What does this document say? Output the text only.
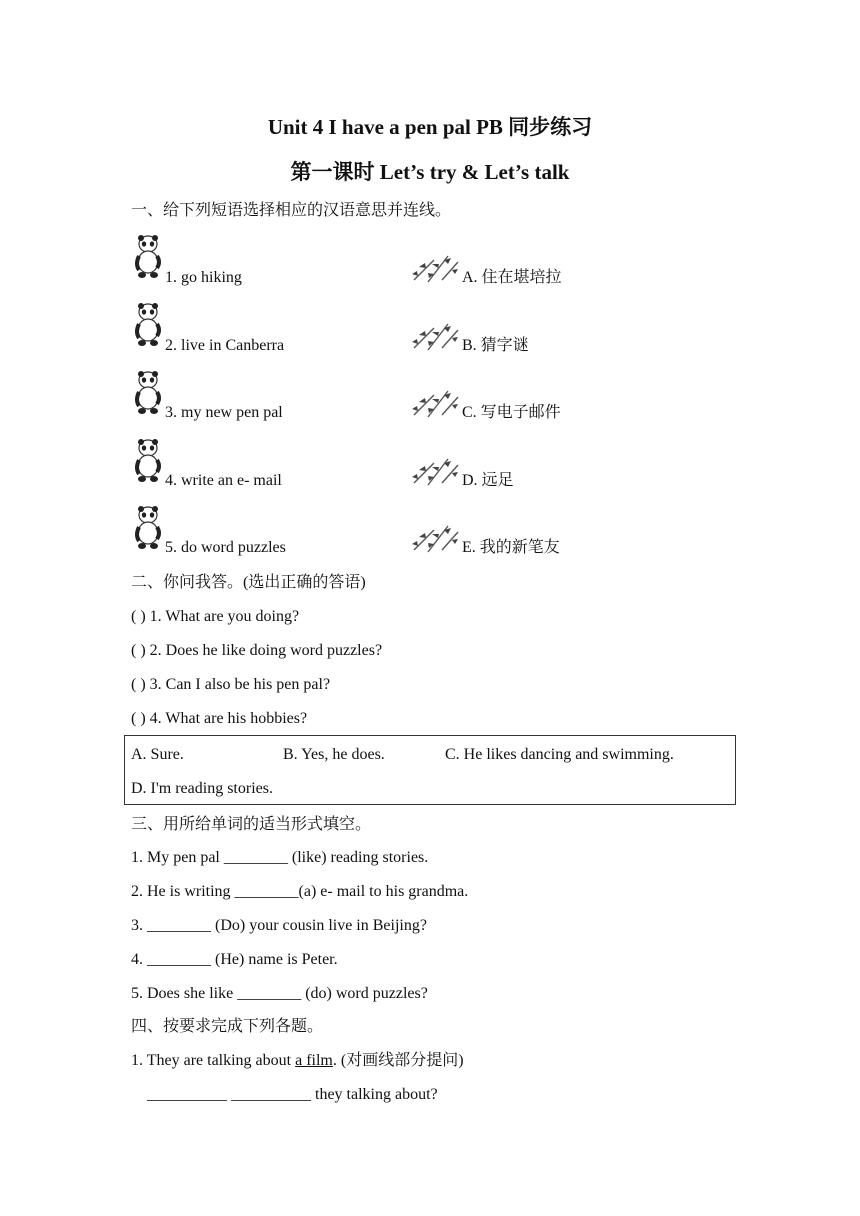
Unit 4 I have a pen pal PB 同步练习
第一课时 Let’s try & Let’s talk
一、给下列短语选择相应的汉语意思并连线。
1. go hiking	A. 住在堪培拉
2. live in Canberra	B. 猜字谜
3. my new pen pal	C. 写电子邮件
4. write an e- mail	D. 远足
5. do word puzzles	E. 我的新笔友
二、你问我答。(选出正确的答语)
( ) 1. What are you doing?
( ) 2. Does he like doing word puzzles?
( ) 3. Can I also be his pen pal?
( ) 4. What are his hobbies?
A. Sure.	B. Yes, he does.	C. He likes dancing and swimming.
D. I'm reading stories.
三、用所给单词的适当形式填空。
1. My pen pal ________ (like) reading stories.
2. He is writing ________(a) e- mail to his grandma.
3. ________ (Do) your cousin live in Beijing?
4. ________ (He) name is Peter.
5. Does she like ________ (do) word puzzles?
四、按要求完成下列各题。
1. They are talking about a film. (对画线部分提问)
__________ __________ they talking about?
